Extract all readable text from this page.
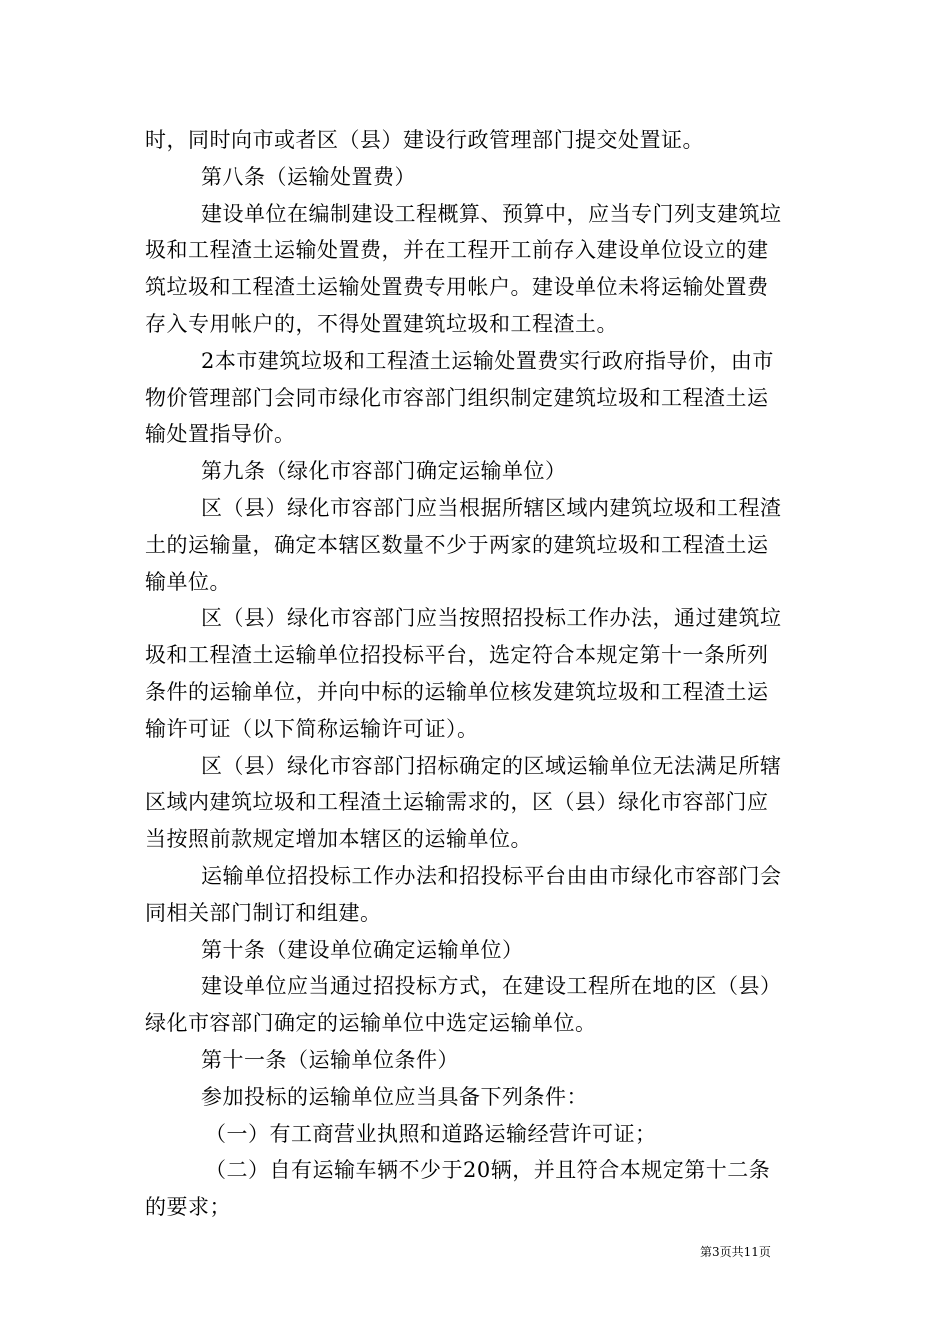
时，同时向市或者区（县）建设行政管理部门提交处置证。
第八条（运输处置费）
建设单位在编制建设工程概算、预算中，应当专门列支建筑垃
圾和工程渣土运输处置费，并在工程开工前存入建设单位设立的建
筑垃圾和工程渣土运输处置费专用帐户。建设单位未将运输处置费
存入专用帐户的，不得处置建筑垃圾和工程渣土。
2本市建筑垃圾和工程渣土运输处置费实行政府指导价，由市
物价管理部门会同市绿化市容部门组织制定建筑垃圾和工程渣土运
输处置指导价。
第九条（绿化市容部门确定运输单位）
区（县）绿化市容部门应当根据所辖区域内建筑垃圾和工程渣
土的运输量，确定本辖区数量不少于两家的建筑垃圾和工程渣土运
输单位。
区（县）绿化市容部门应当按照招投标工作办法，通过建筑垃
圾和工程渣土运输单位招投标平台，选定符合本规定第十一条所列
条件的运输单位，并向中标的运输单位核发建筑垃圾和工程渣土运
输许可证（以下简称运输许可证）。
区（县）绿化市容部门招标确定的区域运输单位无法满足所辖
区域内建筑垃圾和工程渣土运输需求的，区（县）绿化市容部门应
当按照前款规定增加本辖区的运输单位。
运输单位招投标工作办法和招投标平台由由市绿化市容部门会
同相关部门制订和组建。
第十条（建设单位确定运输单位）
建设单位应当通过招投标方式，在建设工程所在地的区（县）
绿化市容部门确定的运输单位中选定运输单位。
第十一条（运输单位条件）
参加投标的运输单位应当具备下列条件：
（一）有工商营业执照和道路运输经营许可证；
（二）自有运输车辆不少于20辆，并且符合本规定第十二条
的要求；
第3页共11页
